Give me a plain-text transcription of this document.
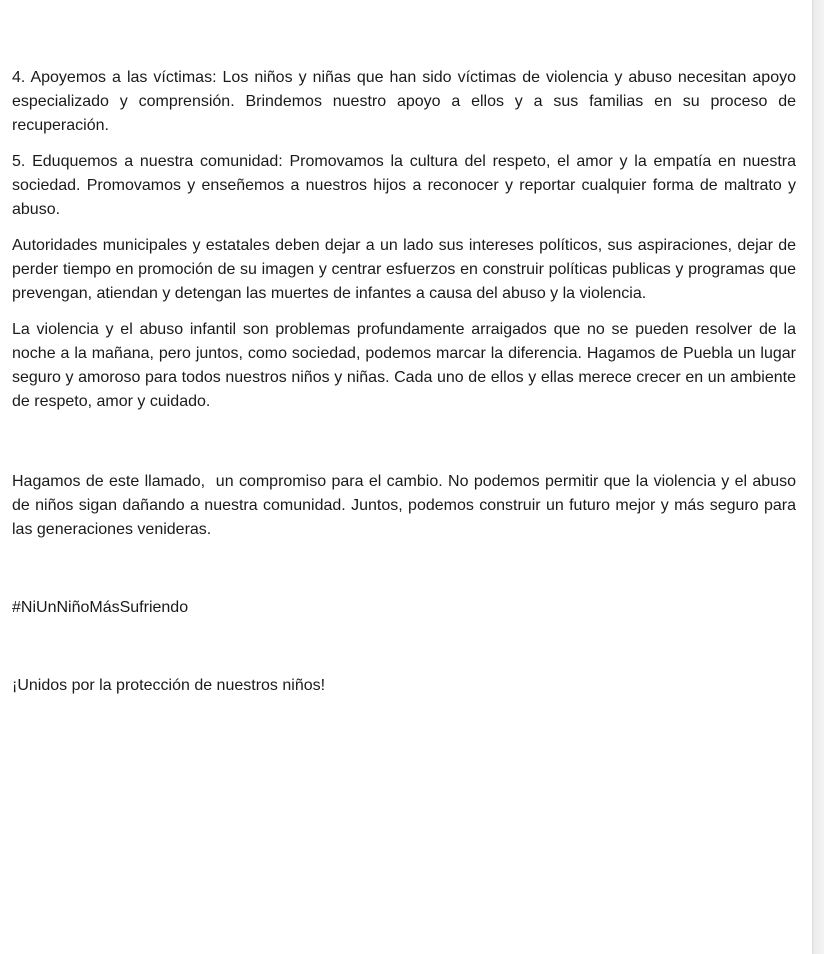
4. Apoyemos a las víctimas: Los niños y niñas que han sido víctimas de violencia y abuso necesitan apoyo especializado y comprensión. Brindemos nuestro apoyo a ellos y a sus familias en su proceso de recuperación.

5. Eduquemos a nuestra comunidad: Promovamos la cultura del respeto, el amor y la empatía en nuestra sociedad. Promovamos y enseñemos a nuestros hijos a reconocer y reportar cualquier forma de maltrato y abuso.

Autoridades municipales y estatales deben dejar a un lado sus intereses políticos, sus aspiraciones, dejar de perder tiempo en promoción de su imagen y centrar esfuerzos en construir políticas publicas y programas que prevengan, atiendan y detengan las muertes de infantes a causa del abuso y la violencia.

La violencia y el abuso infantil son problemas profundamente arraigados que no se pueden resolver de la noche a la mañana, pero juntos, como sociedad, podemos marcar la diferencia. Hagamos de Puebla un lugar seguro y amoroso para todos nuestros niños y niñas. Cada uno de ellos y ellas merece crecer en un ambiente de respeto, amor y cuidado.

Hagamos de este llamado,  un compromiso para el cambio. No podemos permitir que la violencia y el abuso de niños sigan dañando a nuestra comunidad. Juntos, podemos construir un futuro mejor y más seguro para las generaciones venideras.

#NiUnNiñoMásSufriendo

¡Unidos por la protección de nuestros niños!
